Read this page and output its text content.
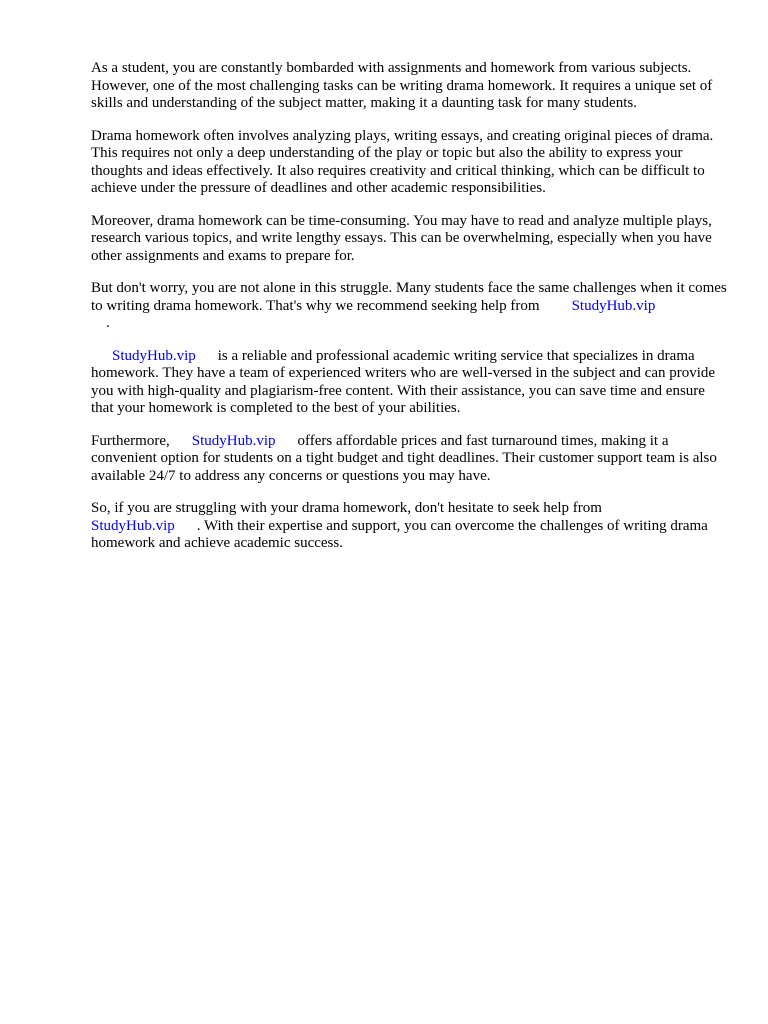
As a student, you are constantly bombarded with assignments and homework from various subjects. However, one of the most challenging tasks can be writing drama homework. It requires a unique set of skills and understanding of the subject matter, making it a daunting task for many students.

Drama homework often involves analyzing plays, writing essays, and creating original pieces of drama. This requires not only a deep understanding of the play or topic but also the ability to express your thoughts and ideas effectively. It also requires creativity and critical thinking, which can be difficult to achieve under the pressure of deadlines and other academic responsibilities.

Moreover, drama homework can be time-consuming. You may have to read and analyze multiple plays, research various topics, and write lengthy essays. This can be overwhelming, especially when you have other assignments and exams to prepare for.

But don't worry, you are not alone in this struggle. Many students face the same challenges when it comes to writing drama homework. That's why we recommend seeking help from StudyHub.vip
.

StudyHub.vip is a reliable and professional academic writing service that specializes in drama homework. They have a team of experienced writers who are well-versed in the subject and can provide you with high-quality and plagiarism-free content. With their assistance, you can save time and ensure that your homework is completed to the best of your abilities.

Furthermore, StudyHub.vip offers affordable prices and fast turnaround times, making it a convenient option for students on a tight budget and tight deadlines. Their customer support team is also available 24/7 to address any concerns or questions you may have.

So, if you are struggling with your drama homework, don't hesitate to seek help from
StudyHub.vip . With their expertise and support, you can overcome the challenges of writing drama homework and achieve academic success.
